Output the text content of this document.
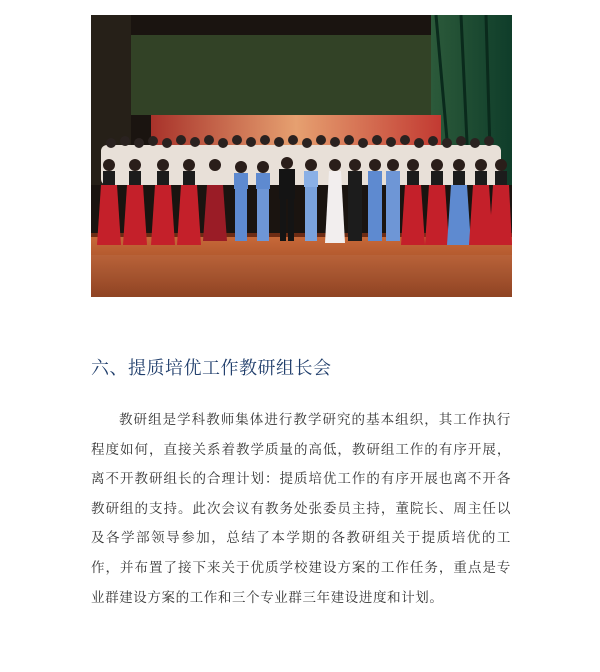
六、提质培优工作教研组长会

教研组是学科教师集体进行教学研究的基本组织，其工作执行程度如何，直接关系着教学质量的高低，教研组工作的有序开展，离不开教研组长的合理计划：提质培优工作的有序开展也离不开各教研组的支持。此次会议有教务处张委员主持，董院长、周主任以及各学部领导参加，总结了本学期的各教研组关于提质培优的工作，并布置了接下来关于优质学校建设方案的工作任务，重点是专业群建设方案的工作和三个专业群三年建设进度和计划。
